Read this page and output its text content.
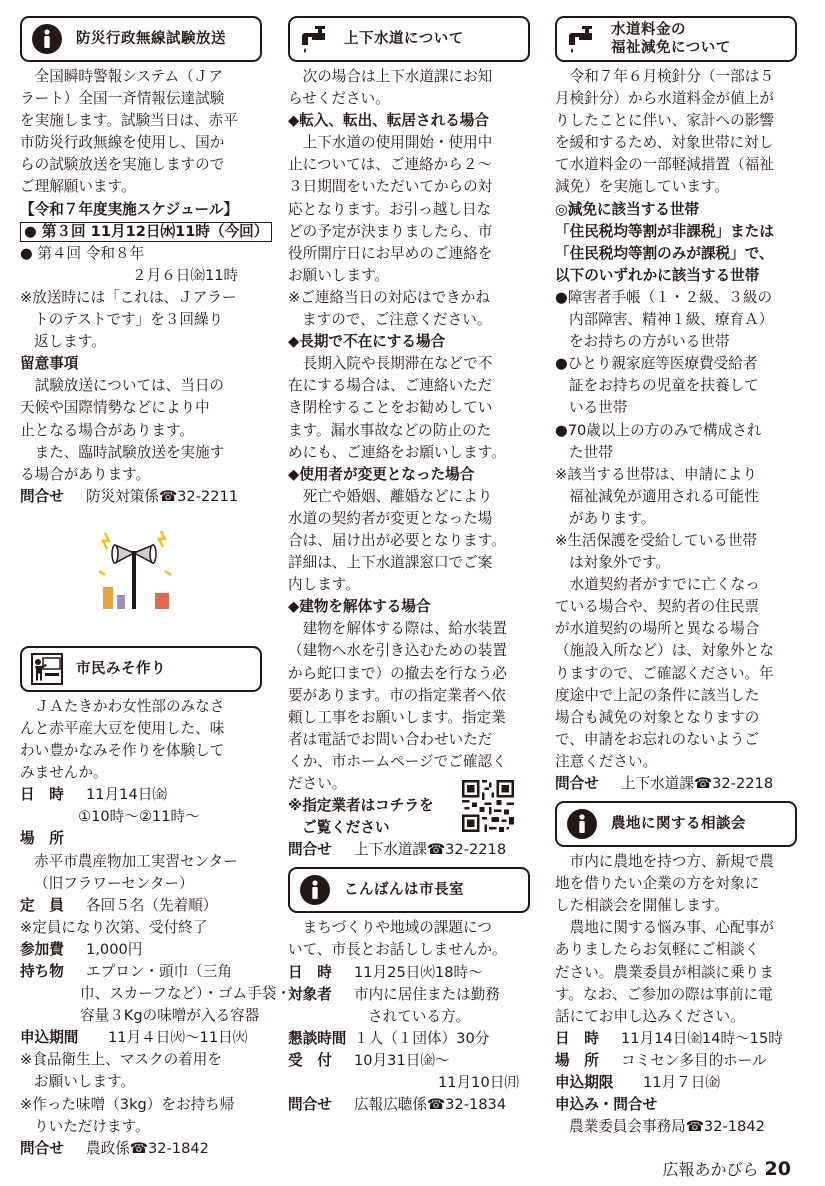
防災行政無線試験放送
　全国瞬時警報システム（Ｊア
ラート）全国一斉情報伝達試験
を実施します。試験当日は、赤平
市防災行政無線を使用し、国か
らの試験放送を実施しますので
ご理解願います。
【令和７年度実施スケジュール】
● 第３回 11月12日㈬11時（今回）
● 第４回 令和８年
２月６日㈮11時
※放送時には「これは、Ｊアラー
トのテストです」を３回繰り
返します。
留意事項
　試験放送については、当日の
天候や国際情勢などにより中
止となる場合があります。
　また、臨時試験放送を実施す
る場合があります。
問合せ 防災対策係☎32-2211
市民みそ作り
　ＪＡたきかわ女性部のみなさ
んと赤平産大豆を使用した、味
わい豊かなみそ作りを体験して
みませんか。
日　時 11月14日㈮
①10時〜②11時〜
場　所
赤平市農産物加工実習センター
（旧フラワーセンター）
定　員 各回５名（先着順）
※定員になり次第、受付終了
参加費 1,000円
持ち物 エプロン・頭巾（三角
巾、スカーフなど）・ゴム手袋・
容量３Kgの味噌が入る容器
申込期間 11月４日㈫〜11日㈫
※食品衛生上、マスクの着用を
お願いします。
※作った味噌（3kg）をお持ち帰
りいただけます。
問合せ 農政係☎32-1842
上下水道について
　次の場合は上下水道課にお知
らせください。
◆転入、転出、転居される場合
　上下水道の使用開始・使用中
止については、ご連絡から２〜
３日期間をいただいてからの対
応となります。お引っ越し日な
どの予定が決まりましたら、市
役所開庁日にお早めのご連絡を
お願いします。
※ご連絡当日の対応はできかね
ますので、ご注意ください。
◆長期で不在にする場合
　長期入院や長期滞在などで不
在にする場合は、ご連絡いただ
き閉栓することをお勧めしてい
ます。漏水事故などの防止のた
めにも、ご連絡をお願いします。
◆使用者が変更となった場合
　死亡や婚姻、離婚などにより
水道の契約者が変更となった場
合は、届け出が必要となります。
詳細は、上下水道課窓口でご案
内します。
◆建物を解体する場合
　建物を解体する際は、給水装置
（建物へ水を引き込むための装置
から蛇口まで）の撤去を行なう必
要があります。市の指定業者へ依
頼し工事をお願いします。指定業
者は電話でお問い合わせいただ
くか、市ホームページでご確認く
ださい。
※指定業者はコチラを
ご覧ください
問合せ 上下水道課☎32-2218
こんばんは市長室
　まちづくりや地域の課題につ
いて、市長とお話ししませんか。
日　時 11月25日㈫18時〜
対象者 市内に居住または勤務
されている方。
懇談時間 １人（１団体）30分
受　付 10月31日㈮〜
11月10日㈪
問合せ 広報広聴係☎32-1834
水道料金の
福祉減免について
　令和７年６月検針分（一部は５
月検針分）から水道料金が値上が
りしたことに伴い、家計への影響
を緩和するため、対象世帯に対し
て水道料金の一部軽減措置（福祉
減免）を実施しています。
◎減免に該当する世帯
「住民税均等割が非課税」または
「住民税均等割のみが課税」で、
以下のいずれかに該当する世帯
●障害者手帳（１・２級、３級の
内部障害、精神１級、療育Ａ）
をお持ちの方がいる世帯
●ひとり親家庭等医療費受給者
証をお持ちの児童を扶養して
いる世帯
●70歳以上の方のみで構成され
た世帯
※該当する世帯は、申請により
福祉減免が適用される可能性
があります。
※生活保護を受給している世帯
は対象外です。
　水道契約者がすでに亡くなっ
ている場合や、契約者の住民票
が水道契約の場所と異なる場合
（施設入所など）は、対象外とな
りますので、ご確認ください。年
度途中で上記の条件に該当した
場合も減免の対象となりますの
で、申請をお忘れのないようご
注意ください。
問合せ 上下水道課☎32-2218
農地に関する相談会
　市内に農地を持つ方、新規で農
地を借りたい企業の方を対象に
した相談会を開催します。
　農地に関する悩み事、心配事が
ありましたらお気軽にご相談く
ださい。農業委員が相談に乗りま
す。なお、ご参加の際は事前に電
話にてお申し込みください。
日　時 11月14日㈮14時〜15時
場　所 コミセン多目的ホール
申込期限 11月７日㈮
申込み・問合せ
農業委員会事務局☎32-1842
広報あかびら 20
